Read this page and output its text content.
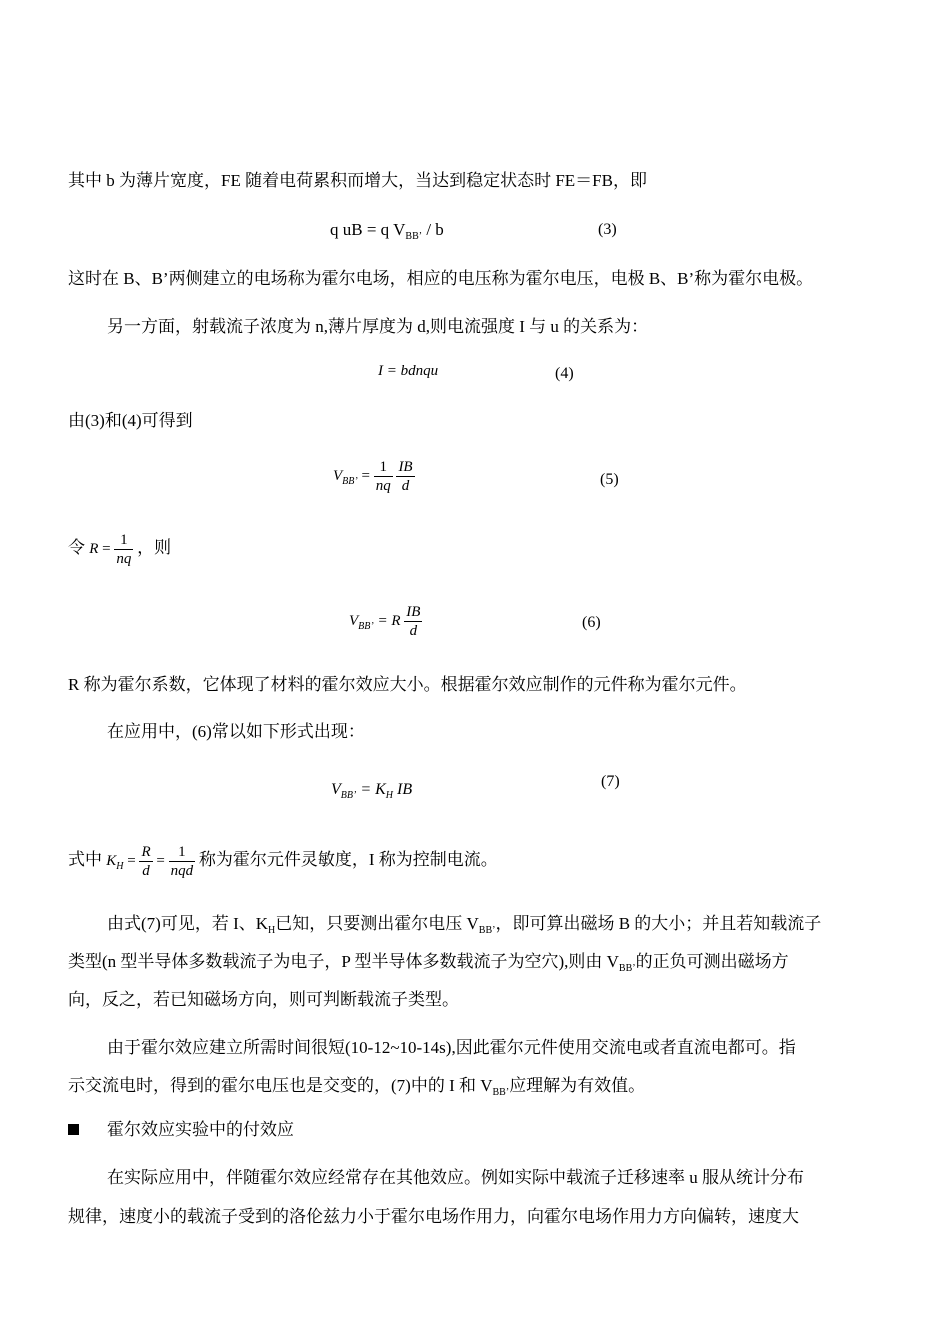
其中 b 为薄片宽度，FE 随着电荷累积而增大，当达到稳定状态时 FE＝FB，即
q uB = q $V_{BB’}$ / b	(3)
这时在 B、B’两侧建立的电场称为霍尔电场，相应的电压称为霍尔电压，电极 B、B’称为霍尔电极。
另一方面，射载流子浓度为 n,薄片厚度为 d,则电流强度 I 与 u 的关系为：
I = bdnqu	(4)
由(3)和(4)可得到
$V_{BB’} = \frac{1}{nq}$
$\frac{IB}{d}$	(5)
令 $R = \frac{1}{nq}$ ，则
$V_{BB’} = R \frac{IB}{d}$	(6)
R 称为霍尔系数，它体现了材料的霍尔效应大小。根据霍尔效应制作的元件称为霍尔元件。
在应用中，(6)常以如下形式出现：
$V_{BB’} = K_H$ IB	(7)
式中 $K_H = \frac{R}{d} = \frac{1}{\text{nqd}}$ 称为霍尔元件灵敏度，I 称为控制电流。
由式(7)可见，若 I、$K_H$已知，只要测出霍尔电压 $V_{BB’}$，即可算出磁场 B 的大小；并且若知载流子
类型(n 型半导体多数载流子为电子，P 型半导体多数载流子为空穴),则由 $V_{BB’}$的正负可测出磁场方
向，反之，若已知磁场方向，则可判断载流子类型。
由于霍尔效应建立所需时间很短(10-12~10-14s),因此霍尔元件使用交流电或者直流电都可。指
示交流电时，得到的霍尔电压也是交变的，(7)中的 I 和 $V_{BB’}$应理解为有效值。
霍尔效应实验中的付效应
在实际应用中，伴随霍尔效应经常存在其他效应。例如实际中载流子迁移速率 u 服从统计分布
规律，速度小的载流子受到的洛伦兹力小于霍尔电场作用力，向霍尔电场作用力方向偏转，速度大
